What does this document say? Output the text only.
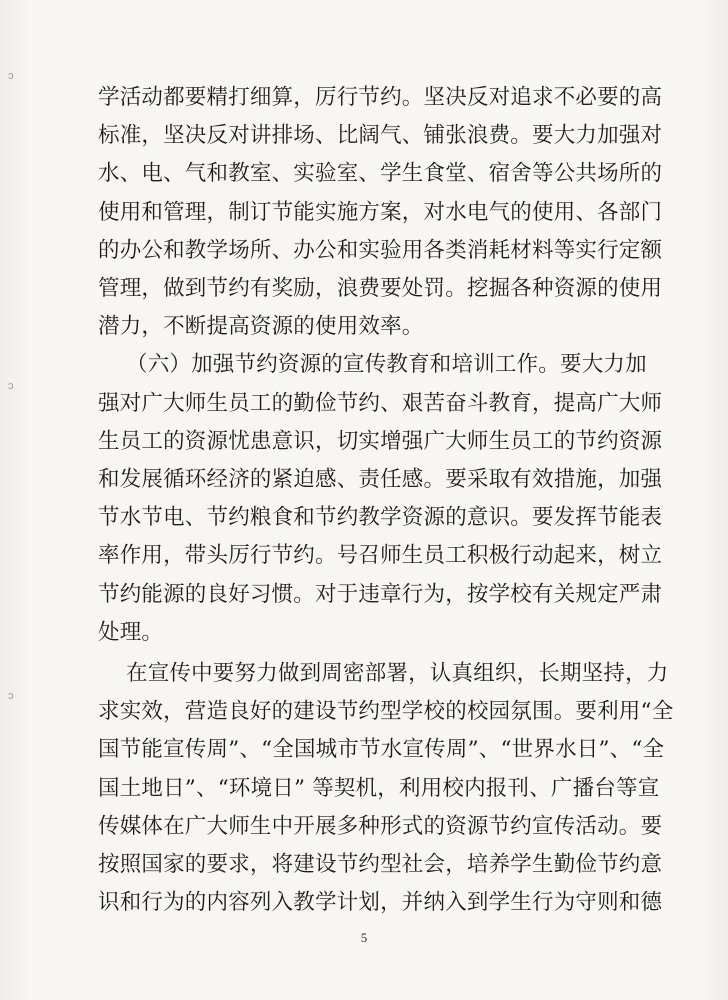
ɔ
ɔ
ɔ
学活动都要精打细算，厉行节约。坚决反对追求不必要的高
标准，坚决反对讲排场、比阔气、铺张浪费。要大力加强对
水、电、气和教室、实验室、学生食堂、宿舍等公共场所的
使用和管理，制订节能实施方案，对水电气的使用、各部门
的办公和教学场所、办公和实验用各类消耗材料等实行定额
管理，做到节约有奖励，浪费要处罚。挖掘各种资源的使用
潜力，不断提高资源的使用效率。
（六）加强节约资源的宣传教育和培训工作。要大力加
强对广大师生员工的勤俭节约、艰苦奋斗教育，提高广大师
生员工的资源忧患意识，切实增强广大师生员工的节约资源
和发展循环经济的紧迫感、责任感。要采取有效措施，加强
节水节电、节约粮食和节约教学资源的意识。要发挥节能表
率作用，带头厉行节约。号召师生员工积极行动起来，树立
节约能源的良好习惯。对于违章行为，按学校有关规定严肃
处理。
在宣传中要努力做到周密部署，认真组织，长期坚持，力
求实效，营造良好的建设节约型学校的校园氛围。要利用“全
国节能宣传周”、“全国城市节水宣传周”、“世界水日”、“全
国土地日”、“环境日” 等契机，利用校内报刊、广播台等宣
传媒体在广大师生中开展多种形式的资源节约宣传活动。要
按照国家的要求，将建设节约型社会，培养学生勤俭节约意
识和行为的内容列入教学计划，并纳入到学生行为守则和德
5
